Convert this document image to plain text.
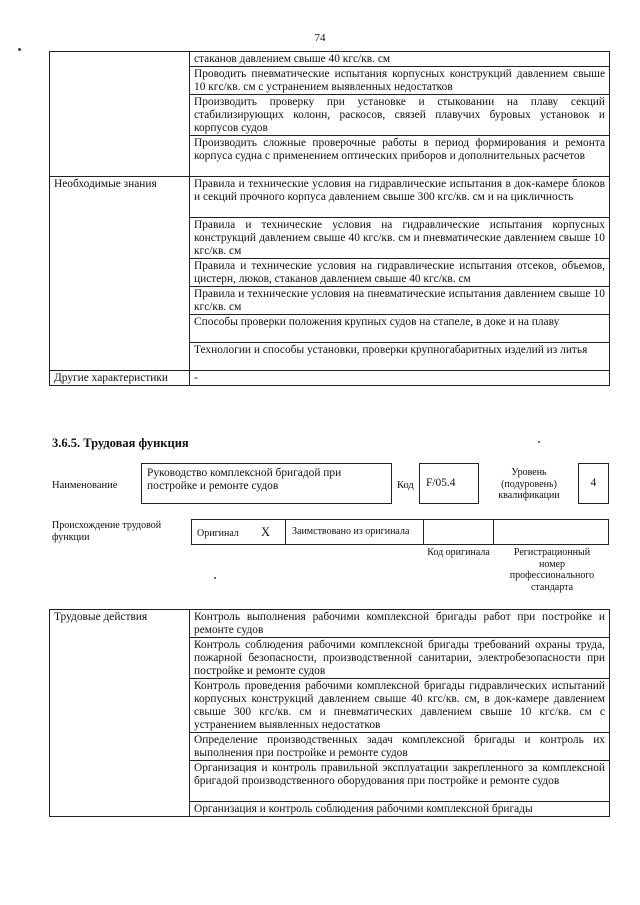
74
	стаканов давлением свыше 40 кгс/кв. см
	Проводить пневматические испытания корпусных конструкций давлением свыше 10 кгс/кв. см с устранением выявленных недостатков
	Производить проверку при установке и стыковании на плаву секций стабилизирующих колонн, раскосов, связей плавучих буровых установок и корпусов судов
	Производить сложные проверочные работы в период формирования и ремонта корпуса судна с применением оптических приборов и дополнительных расчетов
Необходимые знания	Правила и технические условия на гидравлические испытания в док-камере блоков и секций прочного корпуса давлением свыше 300 кгс/кв. см и на цикличность
	Правила и технические условия на гидравлические испытания корпусных конструкций давлением свыше 40 кгс/кв. см и пневматические давлением свыше 10 кгс/кв. см
	Правила и технические условия на гидравлические испытания отсеков, объемов, цистерн, люков, стаканов давлением свыше 40 кгс/кв. см
	Правила и технические условия на пневматические испытания давлением свыше 10 кгс/кв. см
	Способы проверки положения крупных судов на стапеле, в доке и на плаву
	Технологии и способы установки, проверки крупногабаритных изделий из литья
Другие характеристики	-
3.6.5. Трудовая функция
Наименование
Руководство комплексной бригадой при постройке и ремонте судов	Код	F/05.4
Уровень (подуровень) квалификации
4
Происхождение трудовой функции	Оригинал X	Заимствовано из оригинала
Код оригинала	Регистрационный номер профессионального стандарта
Трудовые действия	Контроль выполнения рабочими комплексной бригады работ при постройке и ремонте судов
Контроль соблюдения рабочими комплексной бригады требований охраны труда, пожарной безопасности, производственной санитарии, электробезопасности при постройке и ремонте судов
Контроль проведения рабочими комплексной бригады гидравлических испытаний корпусных конструкций давлением свыше 40 кгс/кв. см, в док-камере давлением свыше 300 кгс/кв. см и пневматических давлением свыше 10 кгс/кв. см с устранением выявленных недостатков
Определение производственных задач комплексной бригады и контроль их выполнения при постройке и ремонте судов
Организация и контроль правильной эксплуатации закрепленного за комплексной бригадой производственного оборудования при постройке и ремонте судов
Организация и контроль соблюдения рабочими комплексной бригады
